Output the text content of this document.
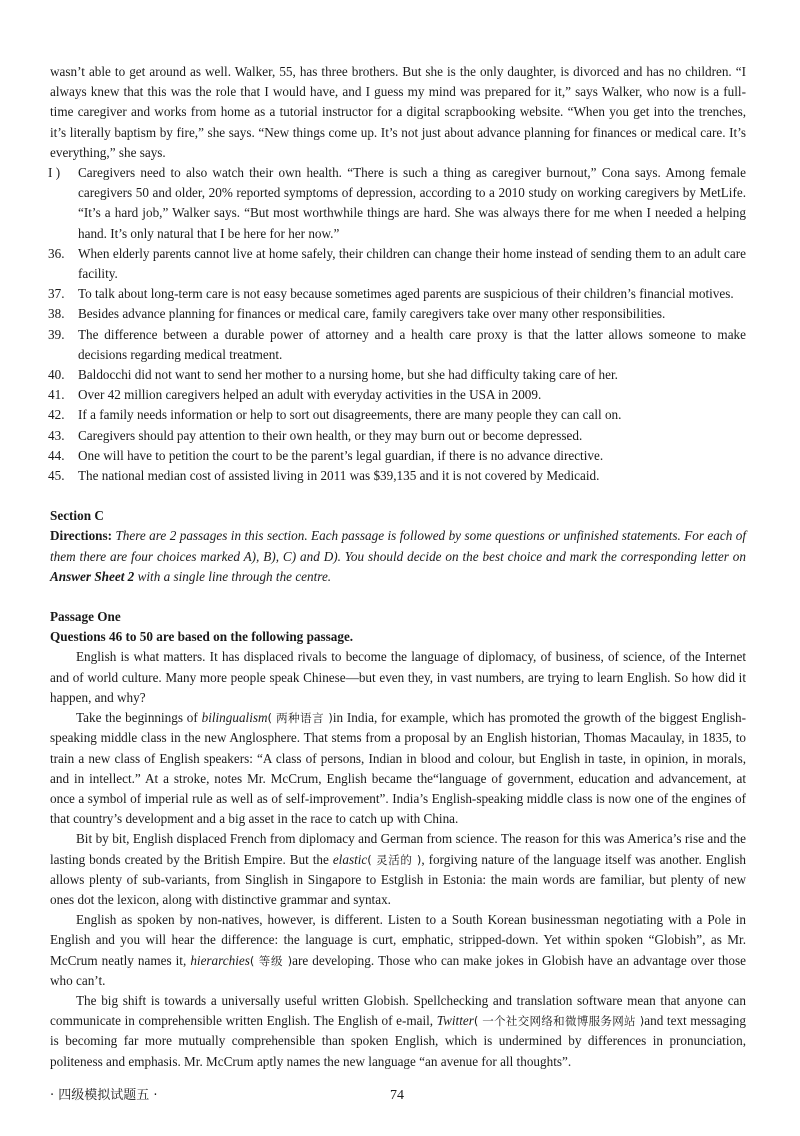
wasn’t able to get around as well. Walker, 55, has three brothers. But she is the only daughter, is divorced and has no children. “I always knew that this was the role that I would have, and I guess my mind was prepared for it,” says Walker, who now is a full-time caregiver and works from home as a tutorial instructor for a digital scrapbooking website. “When you get into the trenches, it’s literally baptism by fire,” she says. “New things come up. It’s not just about advance planning for finances or medical care. It’s everything,” she says.

I ) Caregivers need to also watch their own health. “There is such a thing as caregiver burnout,” Cona says. Among female caregivers 50 and older, 20% reported symptoms of depression, according to a 2010 study on working caregivers by MetLife. “It’s a hard job,” Walker says. “But most worthwhile things are hard. She was always there for me when I needed a helping hand. It’s only natural that I be here for her now.”
36. When elderly parents cannot live at home safely, their children can change their home instead of sending them to an adult care facility.
37. To talk about long-term care is not easy because sometimes aged parents are suspicious of their children’s financial motives.
38. Besides advance planning for finances or medical care, family caregivers take over many other responsibilities.
39. The difference between a durable power of attorney and a health care proxy is that the latter allows someone to make decisions regarding medical treatment.
40. Baldocchi did not want to send her mother to a nursing home, but she had difficulty taking care of her.
41. Over 42 million caregivers helped an adult with everyday activities in the USA in 2009.
42. If a family needs information or help to sort out disagreements, there are many people they can call on.
43. Caregivers should pay attention to their own health, or they may burn out or become depressed.
44. One will have to petition the court to be the parent’s legal guardian, if there is no advance directive.
45. The national median cost of assisted living in 2011 was $39,135 and it is not covered by Medicaid.

Section C

Directions: There are 2 passages in this section. Each passage is followed by some questions or unfinished statements. For each of them there are four choices marked A), B), C) and D). You should decide on the best choice and mark the corresponding letter on Answer Sheet 2 with a single line through the centre.

Passage One

Questions 46 to 50 are based on the following passage.

English is what matters. It has displaced rivals to become the language of diplomacy, of business, of science, of the Internet and of world culture. Many more people speak Chinese—but even they, in vast numbers, are trying to learn English. So how did it happen, and why?

Take the beginnings of bilingualism( 两种语言 )in India, for example, which has promoted the growth of the biggest English-speaking middle class in the new Anglosphere. That stems from a proposal by an English historian, Thomas Macaulay, in 1835, to train a new class of English speakers: “A class of persons, Indian in blood and colour, but English in taste, in opinion, in morals, and in intellect.” At a stroke, notes Mr. McCrum, English became the“language of government, education and advancement, at once a symbol of imperial rule as well as of self-improvement”. India’s English-speaking middle class is now one of the engines of that country’s development and a big asset in the race to catch up with China.

Bit by bit, English displaced French from diplomacy and German from science. The reason for this was America’s rise and the lasting bonds created by the British Empire. But the elastic( 灵活的 ), forgiving nature of the language itself was another. English allows plenty of sub-variants, from Singlish in Singapore to Estglish in Estonia: the main words are familiar, but plenty of new ones dot the lexicon, along with distinctive grammar and syntax.

English as spoken by non-natives, however, is different. Listen to a South Korean businessman negotiating with a Pole in English and you will hear the difference: the language is curt, emphatic, stripped-down. Yet within spoken “Globish”, as Mr. McCrum neatly names it, hierarchies( 等级 )are developing. Those who can make jokes in Globish have an advantage over those who can’t.

The big shift is towards a universally useful written Globish. Spellchecking and translation software mean that anyone can communicate in comprehensible written English. The English of e-mail, Twitter( 一个社交网络和微博服务网站 )and text messaging is becoming far more mutually comprehensible than spoken English, which is undermined by differences in pronunciation, politeness and emphasis. Mr. McCrum aptly names the new language “an avenue for all thoughts”.

· 四级模拟试题五 ·	74
